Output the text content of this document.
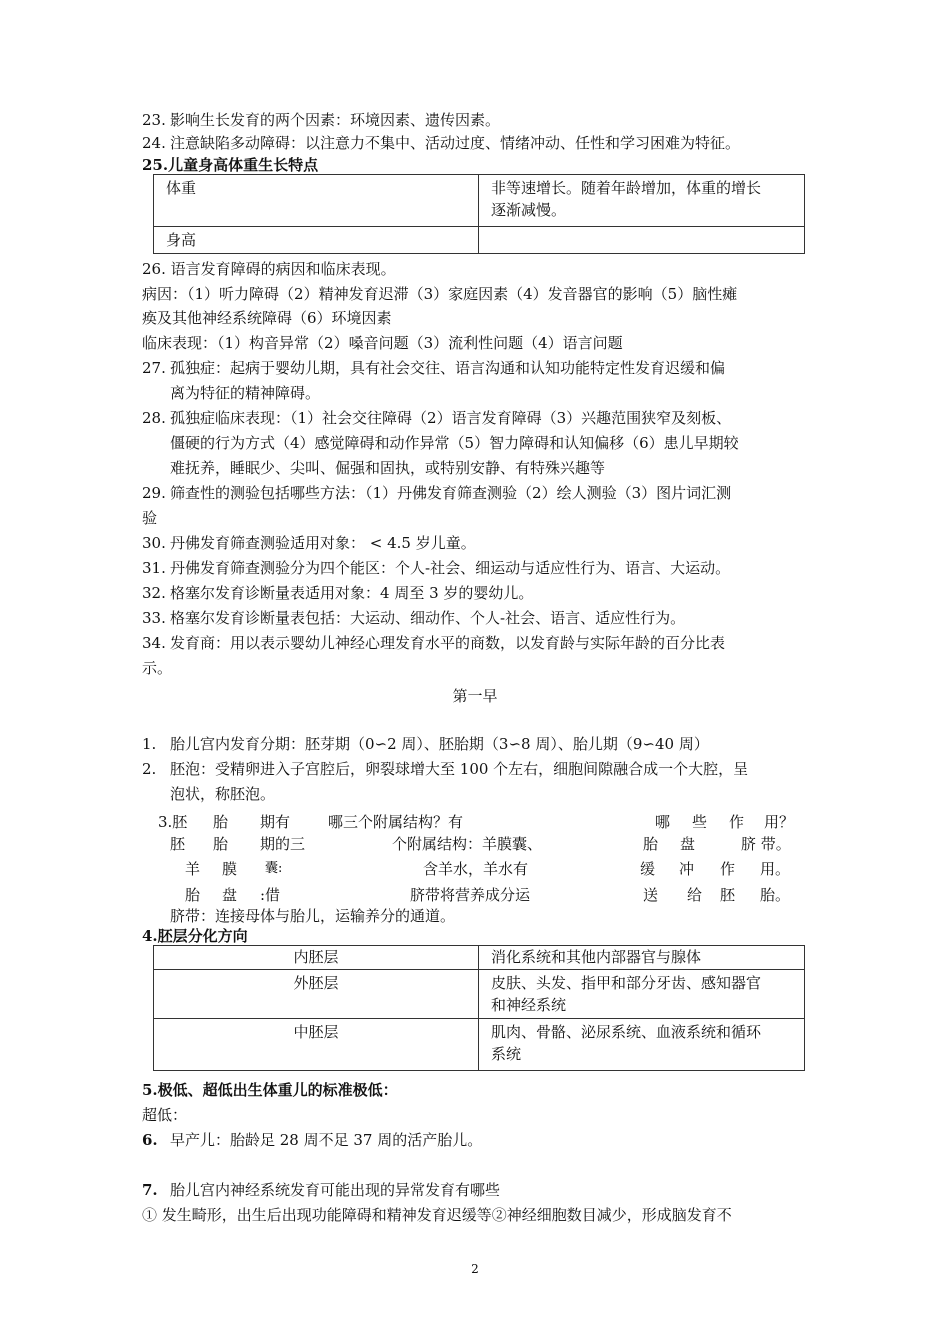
23. 影响生长发育的两个因素：环境因素、遗传因素。
24. 注意缺陷多动障碍：以注意力不集中、活动过度、情绪冲动、任性和学习困难为特征。
25.儿童身高体重生长特点
体重	非等速增长。随着年龄增加，体重的增长
逐渐减慢。

身高	
26. 语言发育障碍的病因和临床表现。
病因：（1）听力障碍（2）精神发育迟滞（3）家庭因素（4）发音器官的影响（5）脑性瘫
痪及其他神经系统障碍（6）环境因素
临床表现：（1）构音异常（2）嗓音问题（3）流利性问题（4）语言问题
27. 孤独症：起病于婴幼儿期，具有社会交往、语言沟通和认知功能特定性发育迟缓和偏
离为特征的精神障碍。
28. 孤独症临床表现：（1）社会交往障碍（2）语言发育障碍（3）兴趣范围狭窄及刻板、
僵硬的行为方式（4）感觉障碍和动作异常（5）智力障碍和认知偏移（6）患儿早期较
难抚养，睡眠少、尖叫、倔强和固执，或特别安静、有特殊兴趣等
29. 筛查性的测验包括哪些方法：（1）丹佛发育筛查测验（2）绘人测验（3）图片词汇测
验
30. 丹佛发育筛查测验适用对象： < 4.5 岁儿童。
31. 丹佛发育筛查测验分为四个能区：个人-社会、细运动与适应性行为、语言、大运动。
32. 格塞尔发育诊断量表适用对象：4 周至 3 岁的婴幼儿。
33. 格塞尔发育诊断量表包括：大运动、细动作、个人-社会、语言、适应性行为。
34. 发育商：用以表示婴幼儿神经心理发育水平的商数，以发育龄与实际年龄的百分比表
示。
第一早
1. 胎儿宫内发育分期：胚芽期（0∽2 周）、胚胎期（3∽8 周）、胎儿期（9∽40 周）
2. 胚泡：受精卵进入子宫腔后，卵裂球增大至 100 个左右，细胞间隙融合成一个大腔，呈
泡状，称胚泡。
3.胚 胎 期有	哪三个附属结构？有	哪 些 作 用？
胚 胎 期的三	个附属结构：羊膜囊、	胎 盘	脐 带。
羊 膜 囊:	含羊水，羊水有	缓 冲 作 用。
胎 盘 :借	脐带将营养成分运	送 给 胚 胎。
脐带：连接母体与胎儿，运输养分的通道。
4.胚层分化方向
内胚层	消化系统和其他内部器官与腺体
外胚层	皮肤、头发、指甲和部分牙齿、感知器官
和神经系统

中胚层	肌肉、骨骼、泌尿系统、血液系统和循环
系统
5.极低、超低出生体重儿的标准极低：
超低：
6. 早产儿：胎龄足 28 周不足 37 周的活产胎儿。
7. 胎儿宫内神经系统发育可能出现的异常发育有哪些
① 发生畸形，出生后出现功能障碍和精神发育迟缓等②神经细胞数目减少，形成脑发育不
2
